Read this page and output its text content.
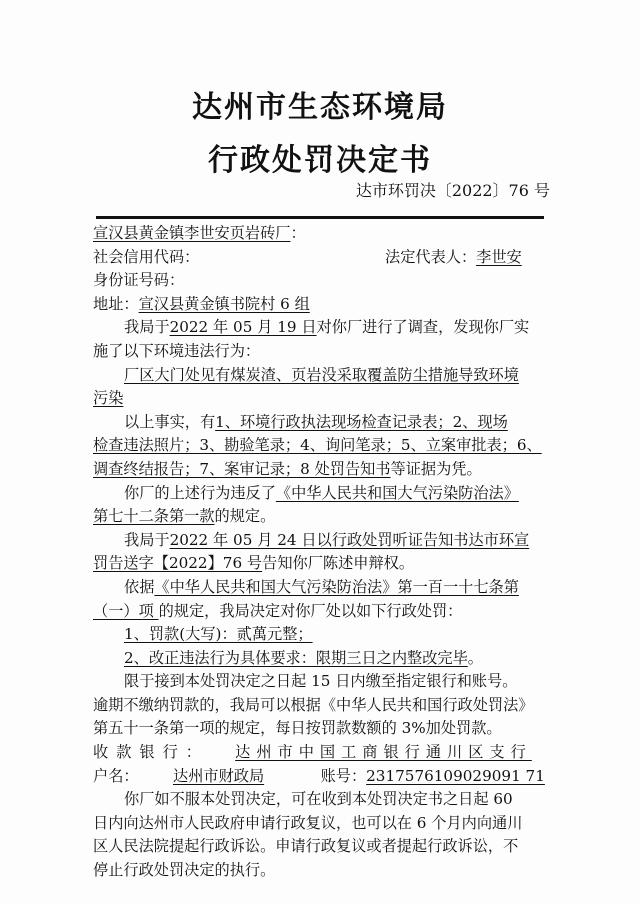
达州市生态环境局
行政处罚决定书
达市环罚决〔2022〕76 号
宣汉县黄金镇李世安页岩砖厂：
社会信用代码：	法定代表人：李世安
身份证号码：
地址：宣汉县黄金镇书院村 6 组
我局于2022 年 05 月 19 日对你厂进行了调查，发现你厂实
施了以下环境违法行为：
厂区大门处见有煤炭渣、页岩没采取覆盖防尘措施导致环境
污染
以上事实，有1、环境行政执法现场检查记录表；2、现场
检查违法照片；3、勘验笔录；4、询问笔录；5、立案审批表；6、
调查终结报告；7、案审记录；8 处罚告知书等证据为凭。
你厂的上述行为违反了《中华人民共和国大气污染防治法》
第七十二条第一款的规定。
我局于2022 年 05 月 24 日以行政处罚听证告知书达市环宣
罚告送字【2022】76 号告知你厂陈述申辩权。
依据《中华人民共和国大气污染防治法》第一百一十七条第
（一）项 的规定，我局决定对你厂处以如下行政处罚：
1、罚款(大写)：贰萬元整；
2、改正违法行为具体要求：限期三日之内整改完毕。
限于接到本处罚决定之日起 15 日内缴至指定银行和账号。
逾期不缴纳罚款的，我局可以根据《中华人民共和国行政处罚法》
第五十一条第一项的规定，每日按罚款数额的 3%加处罚款。
收款银行：	达州市中国工商银行通川区支行
户名：	达州市财政局	账号： 2317576109029091 71
你厂如不服本处罚决定，可在收到本处罚决定书之日起 60
日内向达州市人民政府申请行政复议，也可以在 6 个月内向通川
区人民法院提起行政诉讼。申请行政复议或者提起行政诉讼，不
停止行政处罚决定的执行。
